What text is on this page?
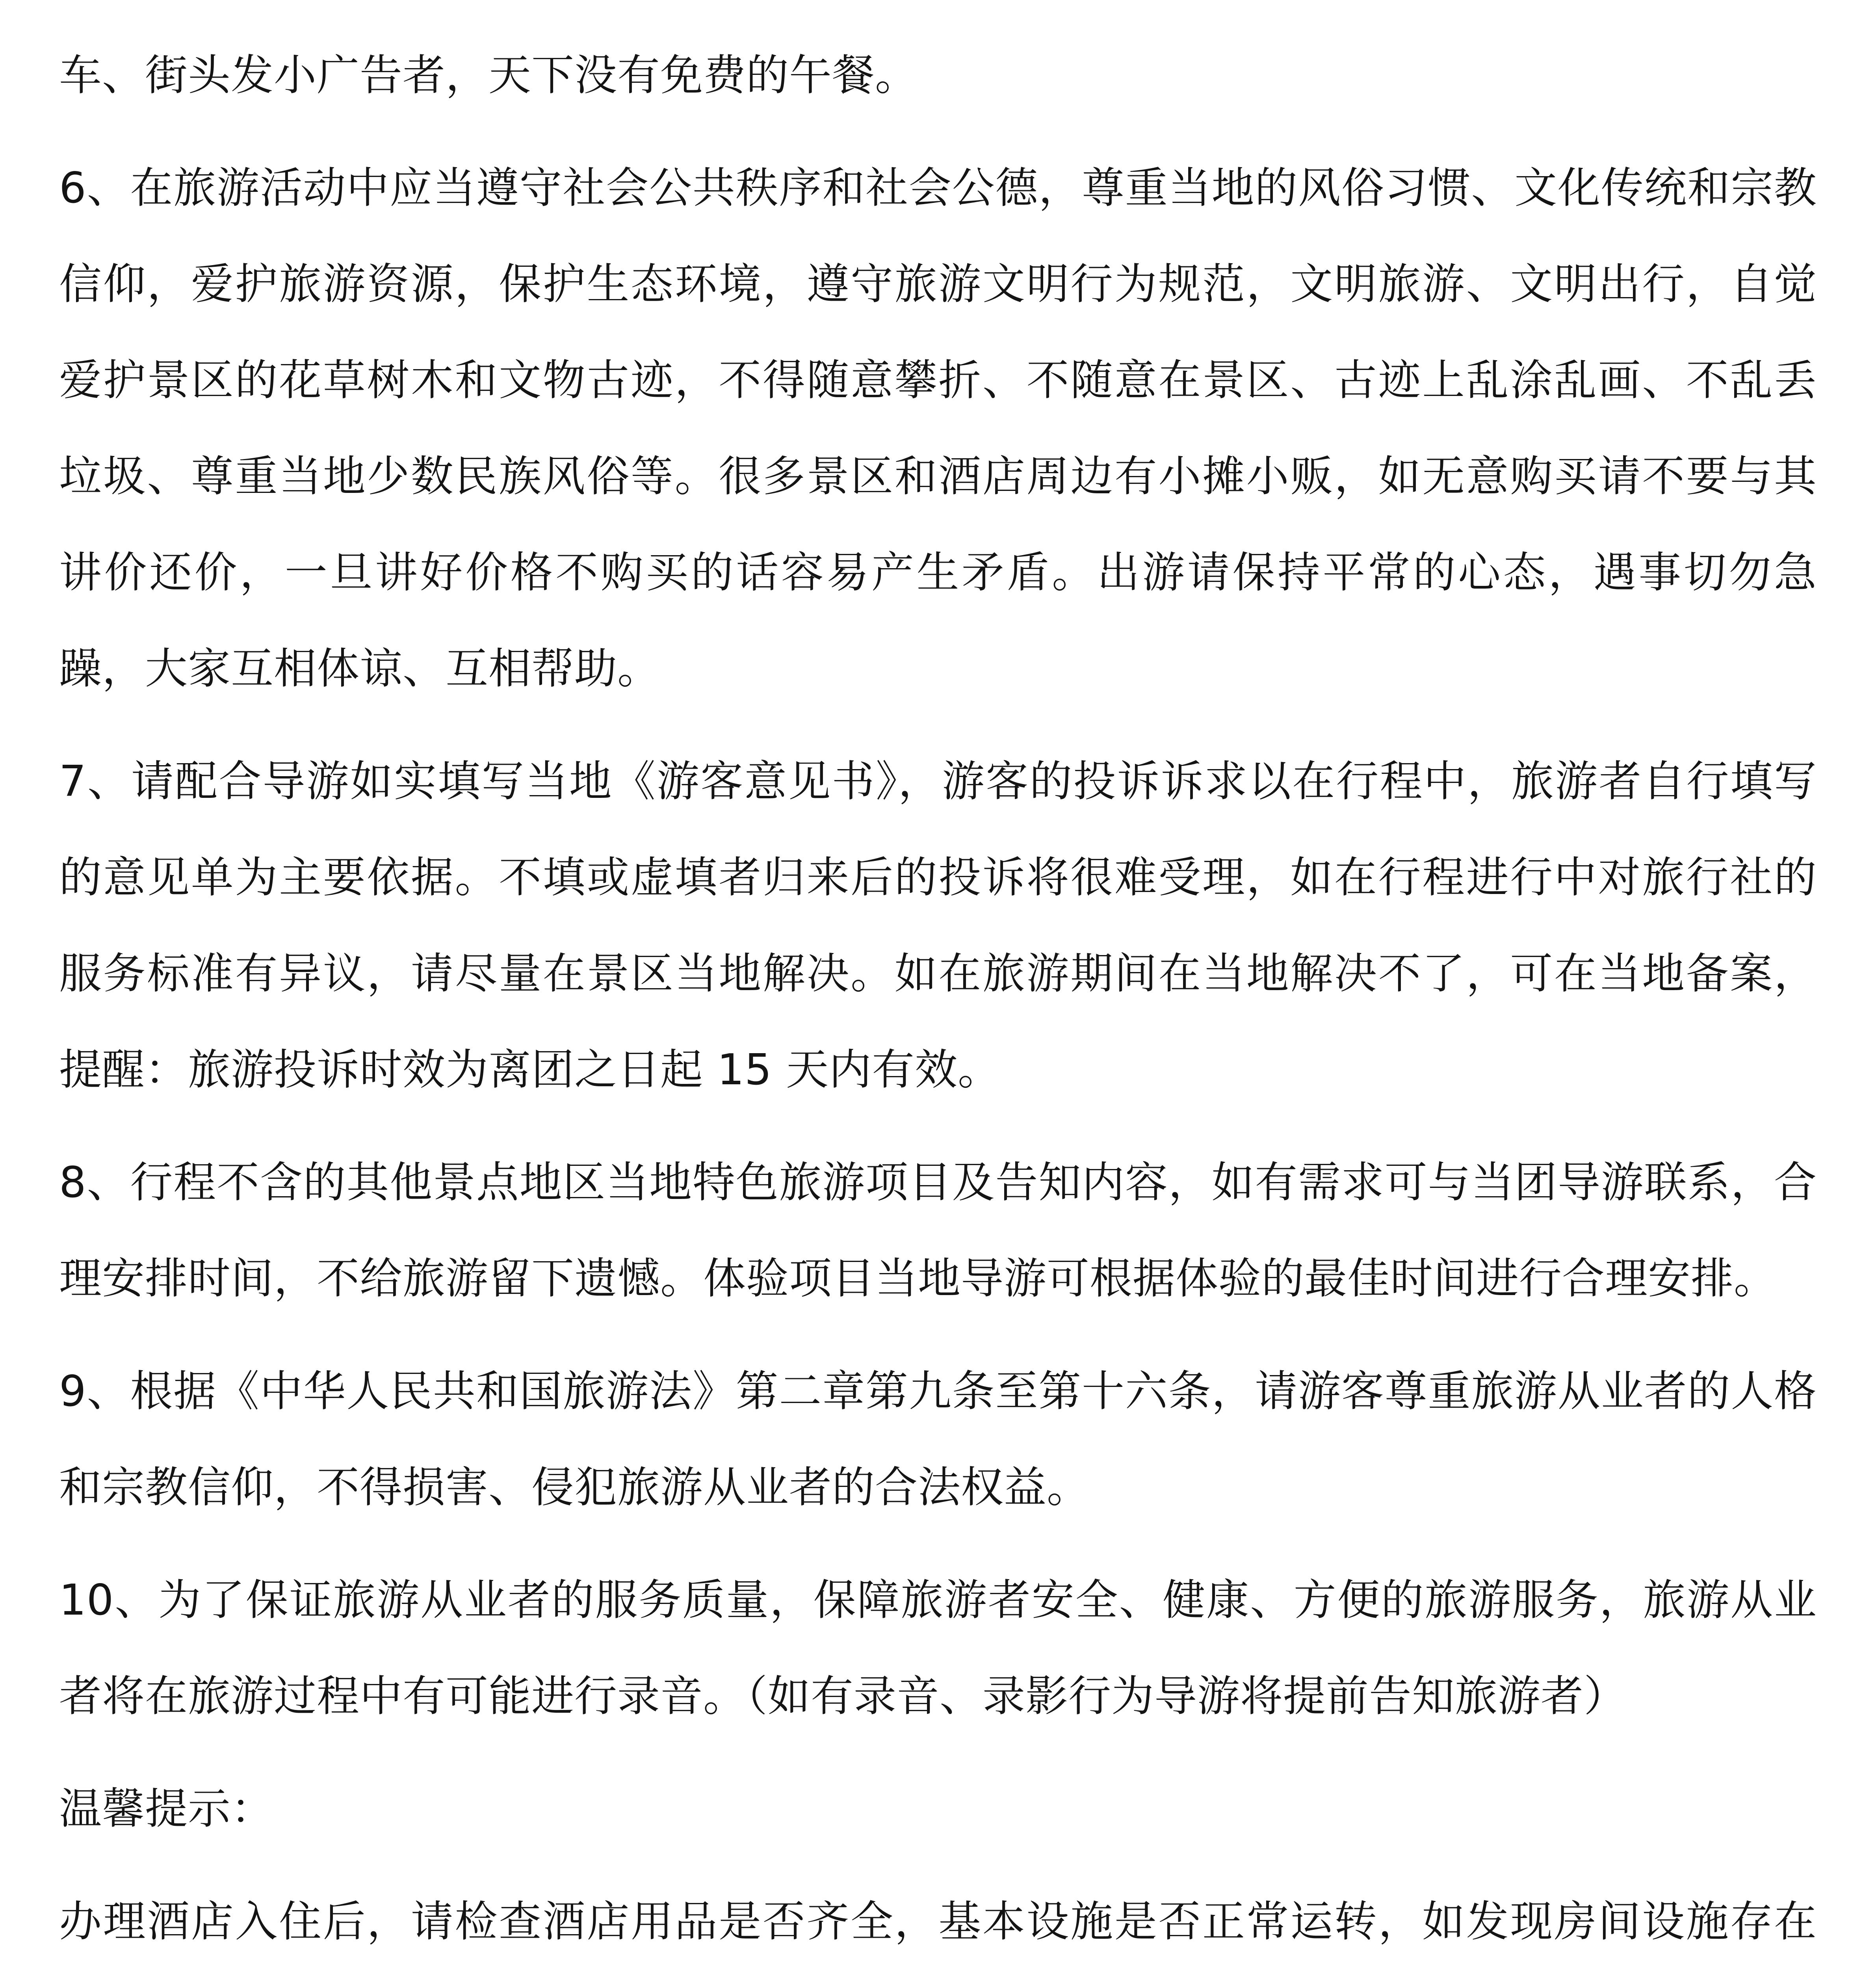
车、街头发小广告者，天下没有免费的午餐。

6、在旅游活动中应当遵守社会公共秩序和社会公德，尊重当地的风俗习惯、文化传统和宗教信仰，爱护旅游资源，保护生态环境，遵守旅游文明行为规范，文明旅游、文明出行，自觉爱护景区的花草树木和文物古迹，不得随意攀折、不随意在景区、古迹上乱涂乱画、不乱丢垃圾、尊重当地少数民族风俗等。很多景区和酒店周边有小摊小贩，如无意购买请不要与其讲价还价，一旦讲好价格不购买的话容易产生矛盾。出游请保持平常的心态，遇事切勿急躁，大家互相体谅、互相帮助。

7、请配合导游如实填写当地《游客意见书》，游客的投诉诉求以在行程中，旅游者自行填写的意见单为主要依据。不填或虚填者归来后的投诉将很难受理，如在行程进行中对旅行社的服务标准有异议，请尽量在景区当地解决。如在旅游期间在当地解决不了，可在当地备案，提醒：旅游投诉时效为离团之日起 15 天内有效。

8、行程不含的其他景点地区当地特色旅游项目及告知内容，如有需求可与当团导游联系，合理安排时间，不给旅游留下遗憾。体验项目当地导游可根据体验的最佳时间进行合理安排。

9、根据《中华人民共和国旅游法》第二章第九条至第十六条，请游客尊重旅游从业者的人格和宗教信仰，不得损害、侵犯旅游从业者的合法权益。

10、为了保证旅游从业者的服务质量，保障旅游者安全、健康、方便的旅游服务，旅游从业者将在旅游过程中有可能进行录音。（如有录音、录影行为导游将提前告知旅游者）

温馨提示：

办理酒店入住后，请检查酒店用品是否齐全，基本设施是否正常运转，如发现房间设施存在
